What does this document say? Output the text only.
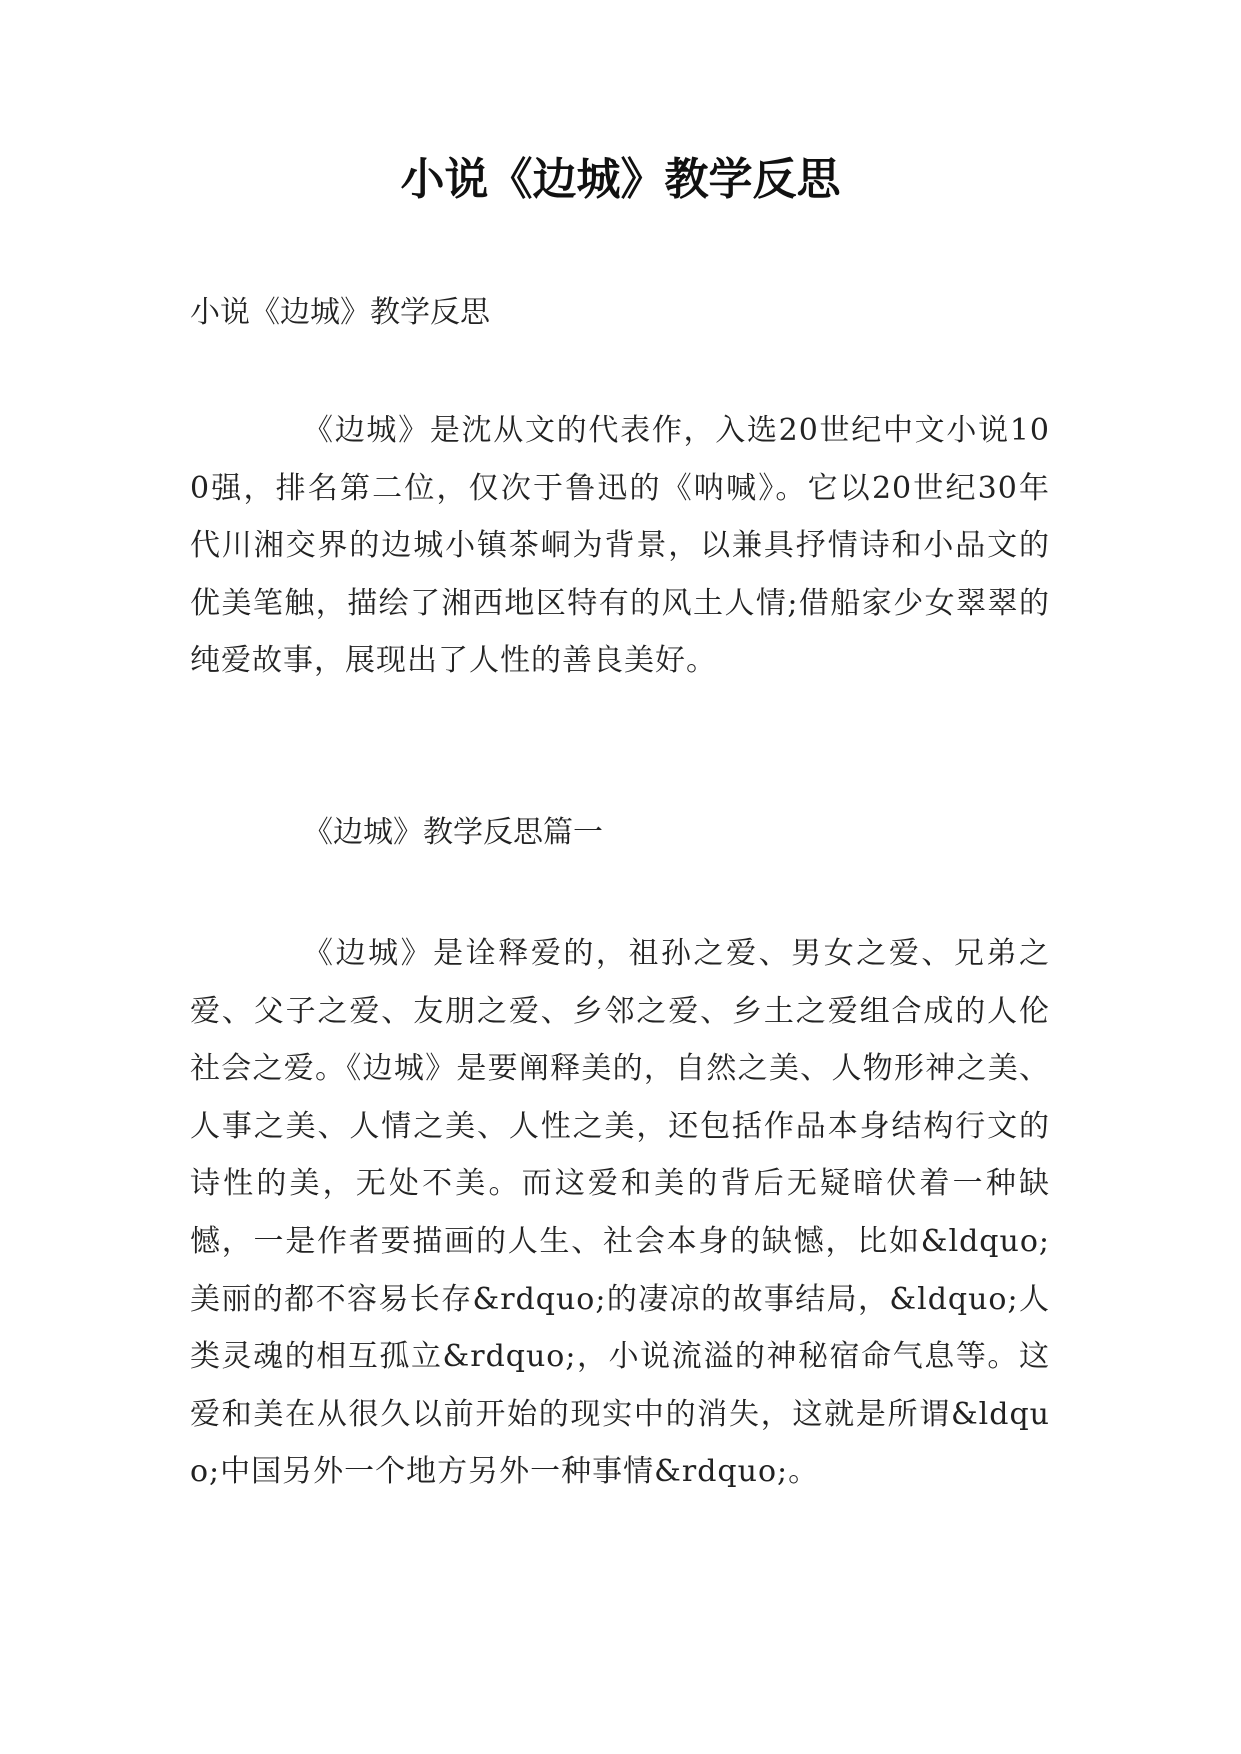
小说《边城》教学反思

小说《边城》教学反思

《边城》是沈从文的代表作，入选20世纪中文小说100强，排名第二位，仅次于鲁迅的《呐喊》。它以20世纪30年代川湘交界的边城小镇茶峒为背景，以兼具抒情诗和小品文的优美笔触，描绘了湘西地区特有的风土人情;借船家少女翠翠的纯爱故事，展现出了人性的善良美好。

《边城》教学反思篇一

《边城》是诠释爱的，祖孙之爱、男女之爱、兄弟之爱、父子之爱、友朋之爱、乡邻之爱、乡土之爱组合成的人伦社会之爱。《边城》是要阐释美的，自然之美、人物形神之美、人事之美、人情之美、人性之美，还包括作品本身结构行文的诗性的美，无处不美。而这爱和美的背后无疑暗伏着一种缺憾，一是作者要描画的人生、社会本身的缺憾，比如&ldquo;美丽的都不容易长存&rdquo;的凄凉的故事结局，&ldquo;人类灵魂的相互孤立&rdquo;，小说流溢的神秘宿命气息等。这爱和美在从很久以前开始的现实中的消失，这就是所谓&ldquo;中国另外一个地方另外一种事情&rdquo;。
